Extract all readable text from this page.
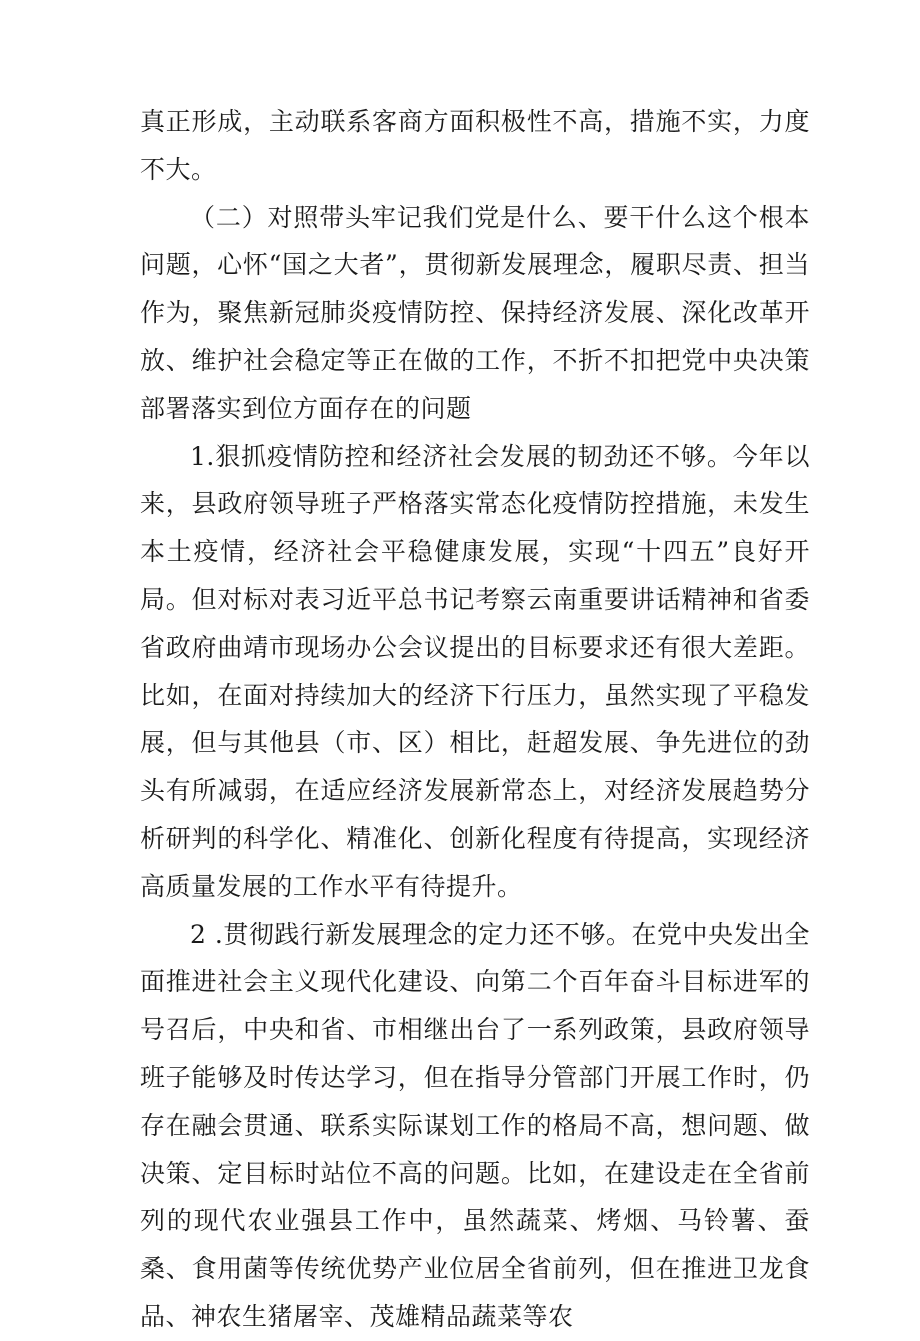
真正形成，主动联系客商方面积极性不高，措施不实，力度不大。

（二）对照带头牢记我们党是什么、要干什么这个根本问题，心怀“国之大者”，贯彻新发展理念，履职尽责、担当作为，聚焦新冠肺炎疫情防控、保持经济发展、深化改革开放、维护社会稳定等正在做的工作，不折不扣把党中央决策部署落实到位方面存在的问题

1.狠抓疫情防控和经济社会发展的韧劲还不够。今年以来，县政府领导班子严格落实常态化疫情防控措施，未发生本土疫情，经济社会平稳健康发展，实现“十四五”良好开局。但对标对表习近平总书记考察云南重要讲话精神和省委省政府曲靖市现场办公会议提出的目标要求还有很大差距。比如，在面对持续加大的经济下行压力，虽然实现了平稳发展，但与其他县（市、区）相比，赶超发展、争先进位的劲头有所减弱，在适应经济发展新常态上，对经济发展趋势分析研判的科学化、精准化、创新化程度有待提高，实现经济高质量发展的工作水平有待提升。

2 .贯彻践行新发展理念的定力还不够。在党中央发出全面推进社会主义现代化建设、向第二个百年奋斗目标进军的号召后，中央和省、市相继出台了一系列政策，县政府领导班子能够及时传达学习，但在指导分管部门开展工作时，仍存在融会贯通、联系实际谋划工作的格局不高，想问题、做决策、定目标时站位不高的问题。比如，在建设走在全省前列的现代农业强县工作中，虽然蔬菜、烤烟、马铃薯、蚕桑、食用菌等传统优势产业位居全省前列，但在推进卫龙食品、神农生猪屠宰、茂雄精品蔬菜等农
